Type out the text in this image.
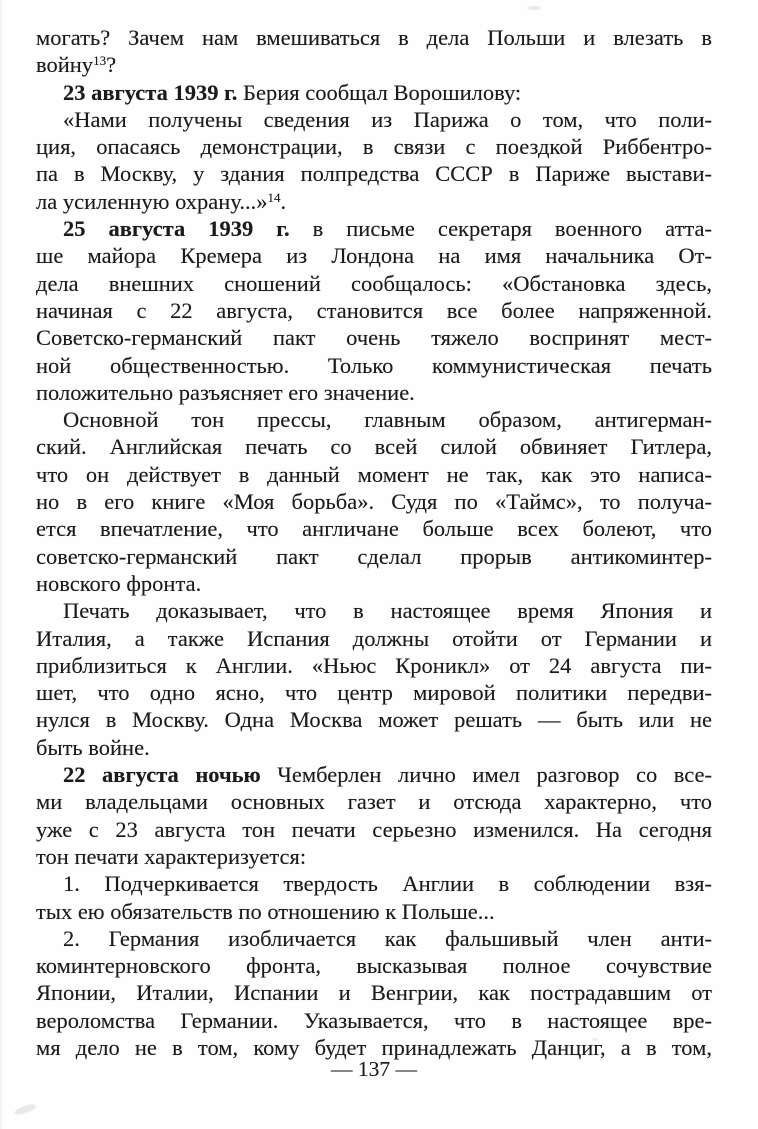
могать? Зачем нам вмешиваться в дела Польши и влезать в
войну$^{13}$?
23 августа 1939 г. Берия сообщал Ворошилову:
«Нами получены сведения из Парижа о том, что поли-
ция, опасаясь демонстрации, в связи с поездкой Риббентро-
па в Москву, у здания полпредства СССР в Париже выстави-
ла усиленную охрану...»$^{14}$.
25 августа 1939 г. в письме секретаря военного атта-
ше майора Кремера из Лондона на имя начальника От-
дела внешних сношений сообщалось: «Обстановка здесь,
начиная с 22 августа, становится все более напряженной.
Советско-германский пакт очень тяжело воспринят мест-
ной общественностью. Только коммунистическая печать
положительно разъясняет его значение.
Основной тон прессы, главным образом, антигерман-
ский. Английская печать со всей силой обвиняет Гитлера,
что он действует в данный момент не так, как это написа-
но в его книге «Моя борьба». Судя по «Таймс», то получа-
ется впечатление, что англичане больше всех болеют, что
советско-германский пакт сделал прорыв антикоминтер-
новского фронта.
Печать доказывает, что в настоящее время Япония и
Италия, а также Испания должны отойти от Германии и
приблизиться к Англии. «Ньюс Кроникл» от 24 августа пи-
шет, что одно ясно, что центр мировой политики передви-
нулся в Москву. Одна Москва может решать — быть или не
быть войне.
22 августа ночью Чемберлен лично имел разговор со все-
ми владельцами основных газет и отсюда характерно, что
уже с 23 августа тон печати серьезно изменился. На сегодня
тон печати характеризуется:
1. Подчеркивается твердость Англии в соблюдении взя-
тых ею обязательств по отношению к Польше...
2. Германия изобличается как фальшивый член анти-
коминтерновского фронта, высказывая полное сочувствие
Японии, Италии, Испании и Венгрии, как пострадавшим от
вероломства Германии. Указывается, что в настоящее вре-
мя дело не в том, кому будет принадлежать Данциг, а в том,
— 137 —
